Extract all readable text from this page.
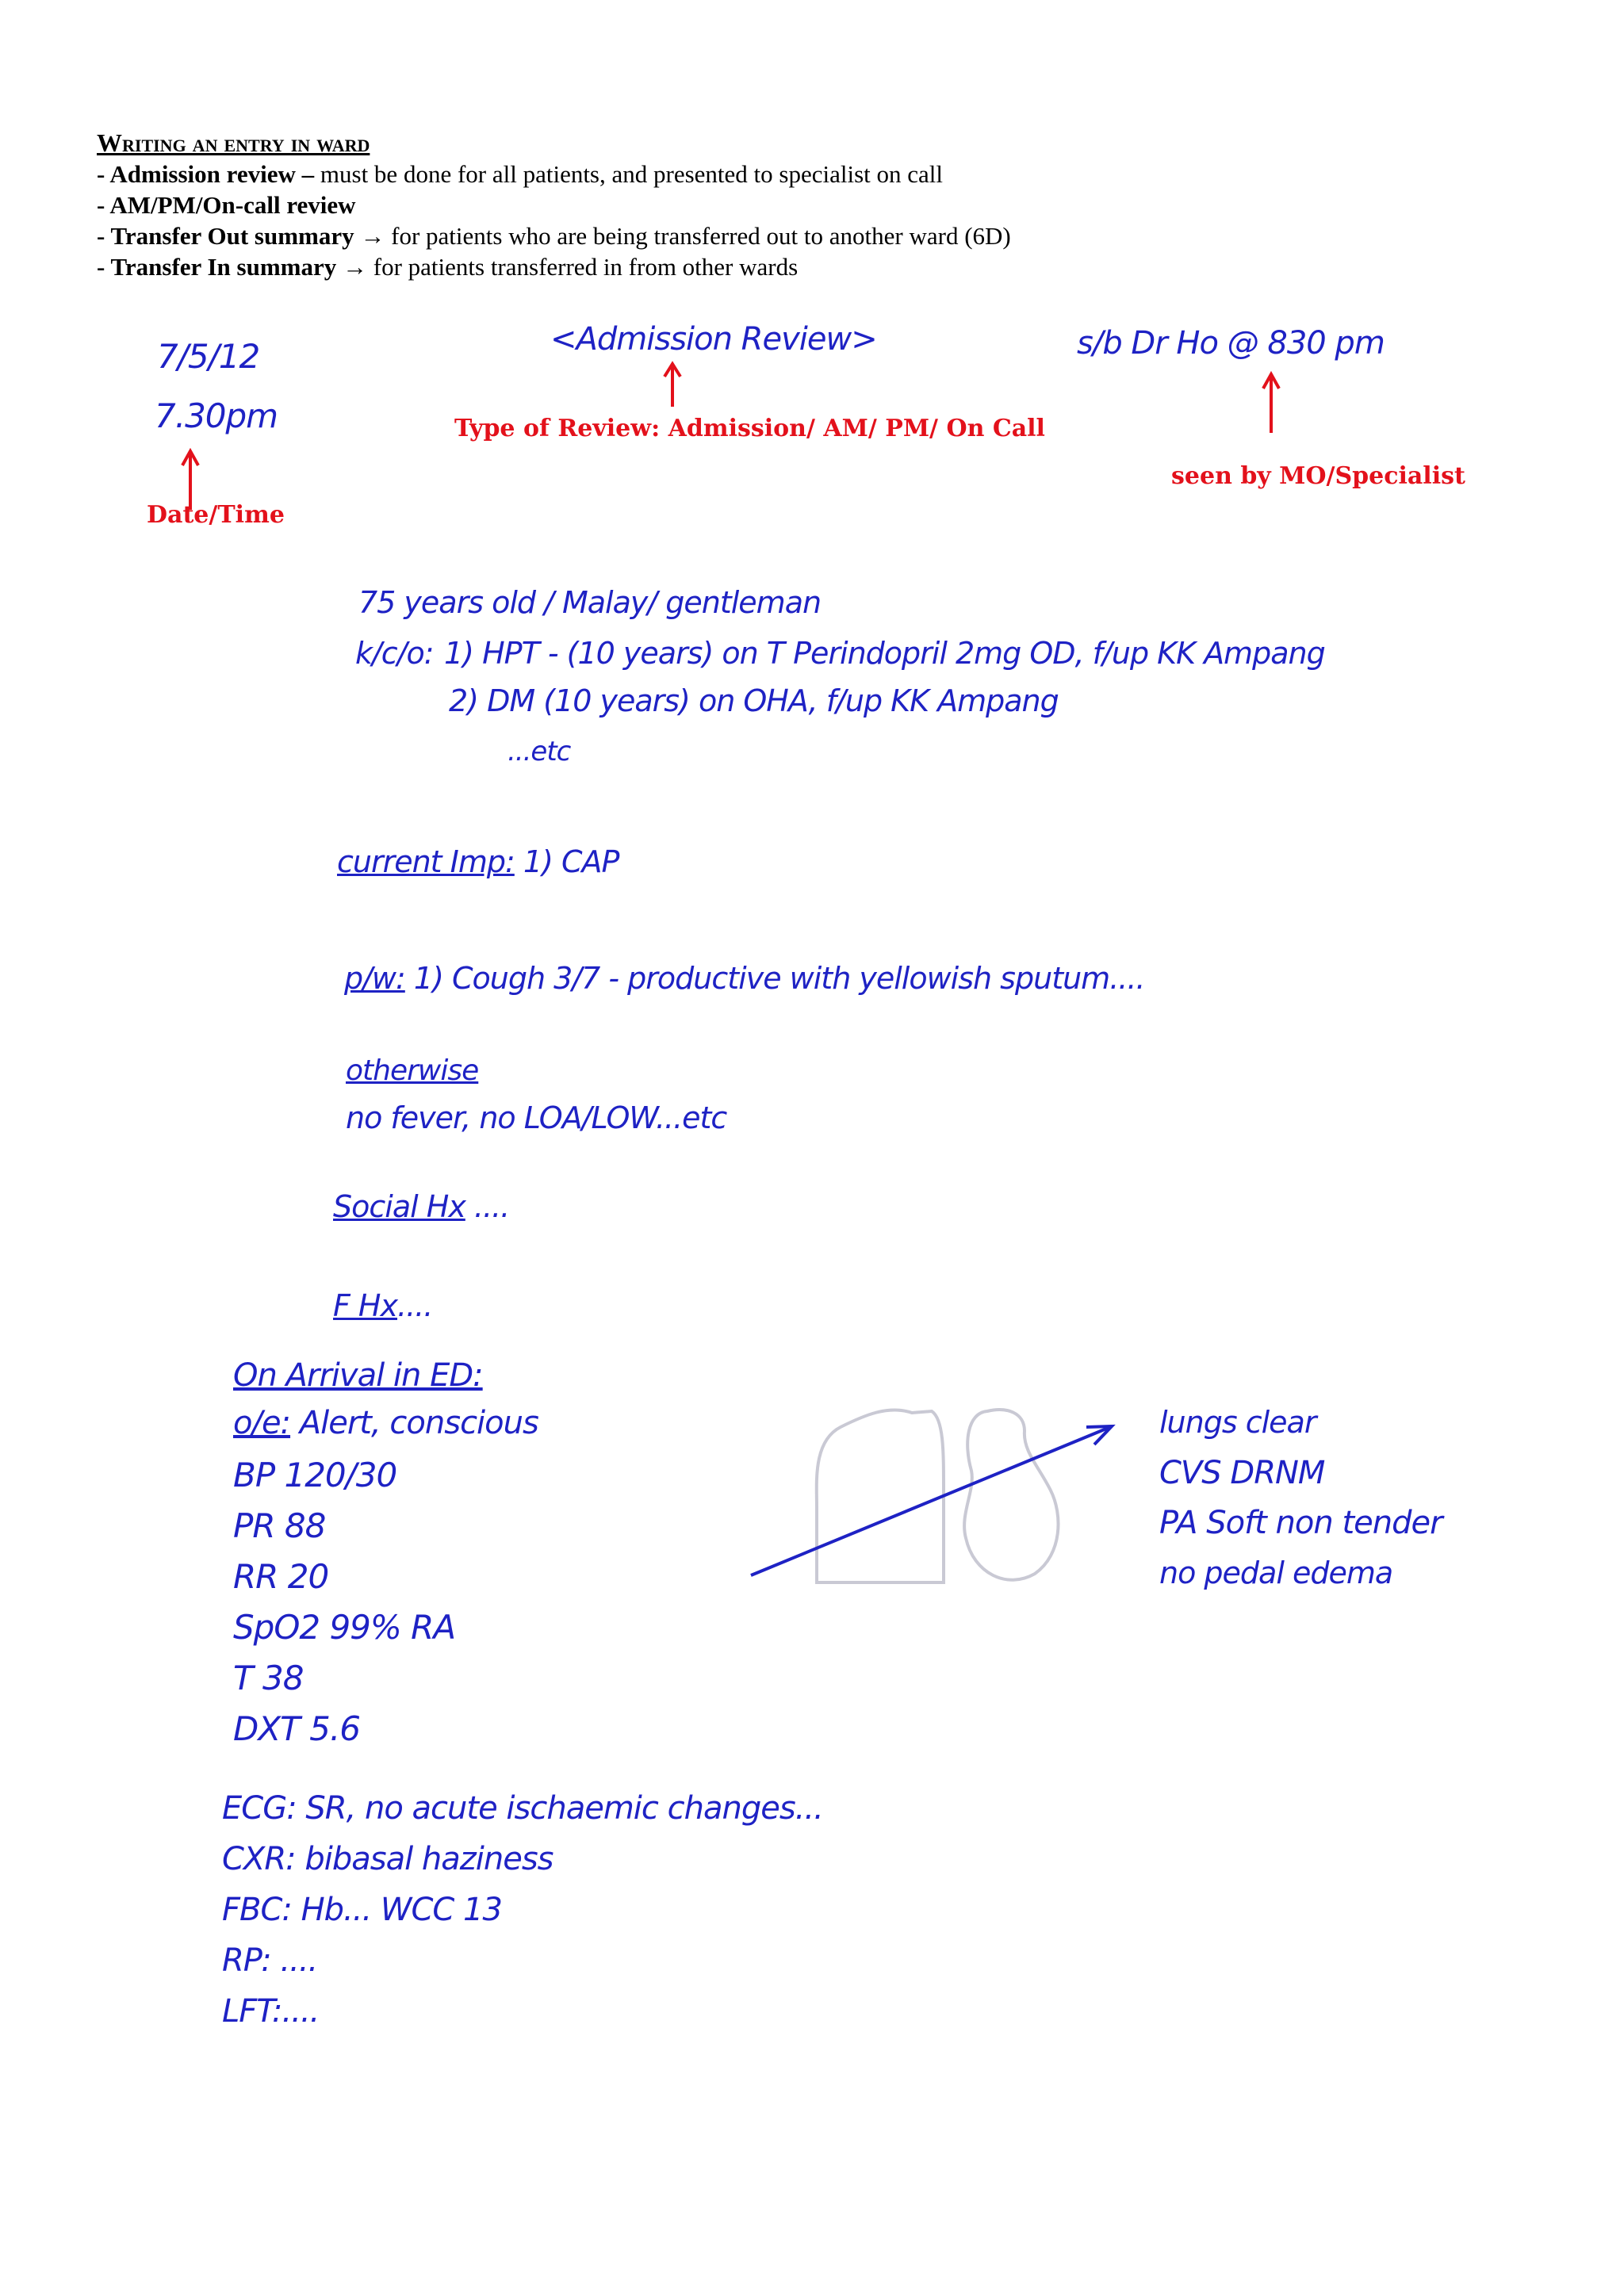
Writing an entry in ward
- Admission review – must be done for all patients, and presented to specialist on call
- AM/PM/On-call review
- Transfer Out summary → for patients who are being transferred out to another ward (6D)
- Transfer In summary → for patients transferred in from other wards
7/5/12
7.30pm
<Admission Review>	s/b Dr Ho @ 830 pm
Date/Time
Type of Review: Admission/ AM/ PM/ On Call
seen by MO/Specialist
75 years old / Malay/ gentleman
k/c/o: 1) HPT - (10 years) on T Perindopril 2mg OD, f/up KK Ampang
2) DM (10 years) on OHA, f/up KK Ampang
...etc
current Imp: 1) CAP
p/w: 1) Cough 3/7 - productive with yellowish sputum....
otherwise
no fever, no LOA/LOW...etc
Social Hx ....
F Hx....
On Arrival in ED:
o/e: Alert, conscious
BP 120/30
PR 88
RR 20
SpO2 99% RA
T 38
DXT 5.6
lungs clear
CVS DRNM
PA Soft non tender
no pedal edema
ECG: SR, no acute ischaemic changes...
CXR: bibasal haziness
FBC: Hb... WCC 13
RP: ....
LFT:....
